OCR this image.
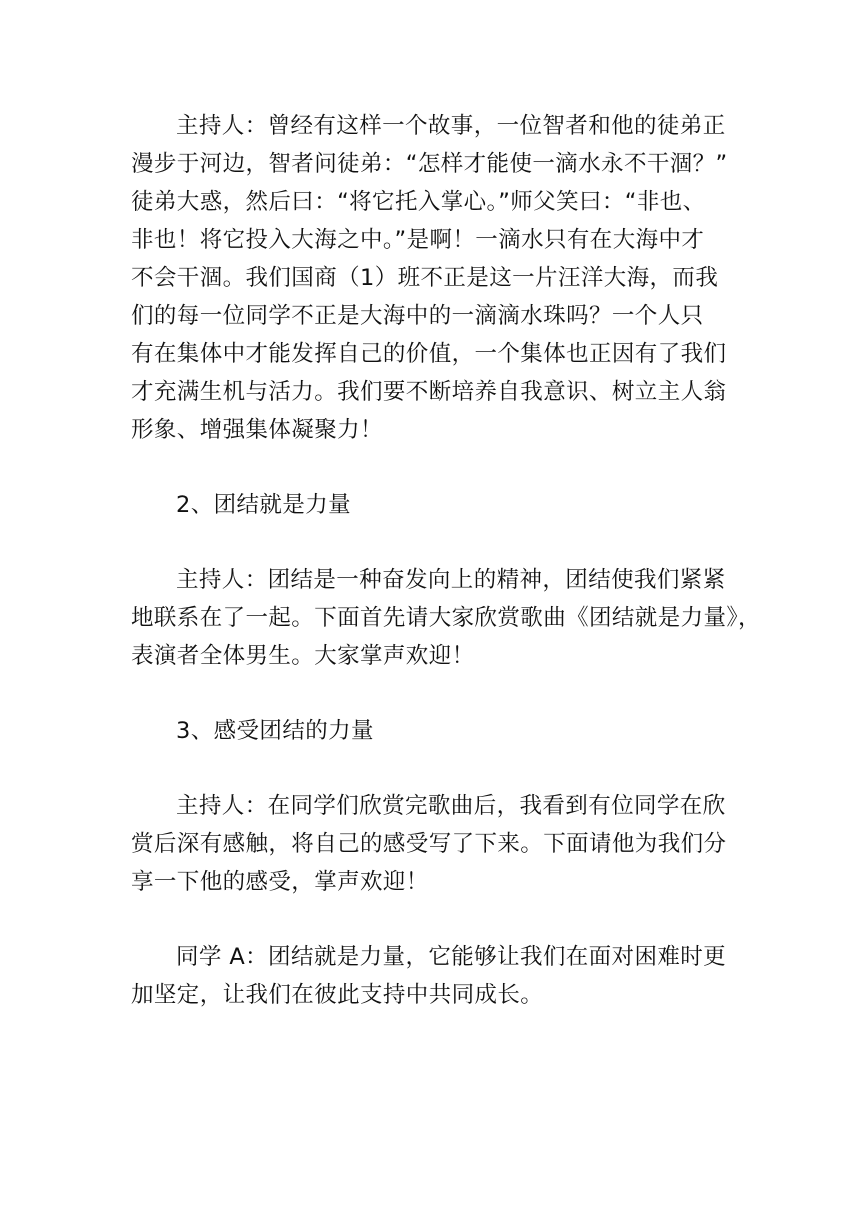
主持人：曾经有这样一个故事，一位智者和他的徒弟正
漫步于河边，智者问徒弟：“怎样才能使一滴水永不干涸？”
徒弟大惑，然后曰：“将它托入掌心。”师父笑曰：“非也、
非也！将它投入大海之中。”是啊！一滴水只有在大海中才
不会干涸。我们国商（1）班不正是这一片汪洋大海，而我
们的每一位同学不正是大海中的一滴滴水珠吗？一个人只
有在集体中才能发挥自己的价值，一个集体也正因有了我们
才充满生机与活力。我们要不断培养自我意识、树立主人翁
形象、增强集体凝聚力！
2、团结就是力量
主持人：团结是一种奋发向上的精神，团结使我们紧紧
地联系在了一起。下面首先请大家欣赏歌曲《团结就是力量》，
表演者全体男生。大家掌声欢迎！
3、感受团结的力量
主持人：在同学们欣赏完歌曲后，我看到有位同学在欣
赏后深有感触，将自己的感受写了下来。下面请他为我们分
享一下他的感受，掌声欢迎！
同学 A：团结就是力量，它能够让我们在面对困难时更
加坚定，让我们在彼此支持中共同成长。
